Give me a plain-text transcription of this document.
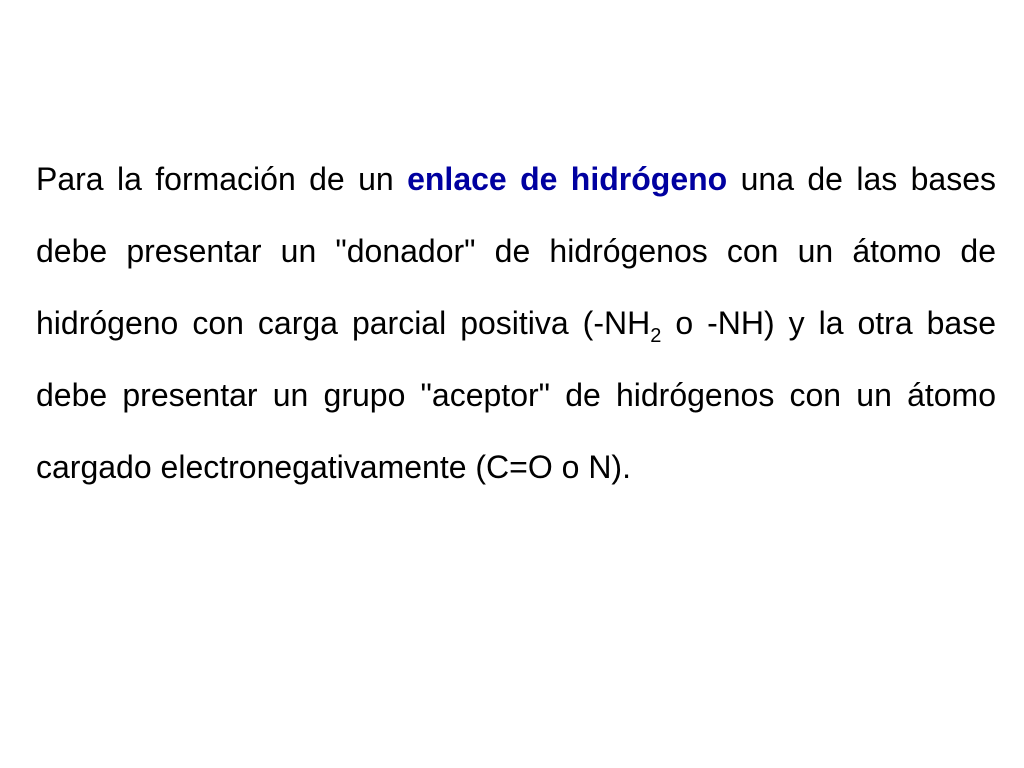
Para la formación de un enlace de hidrógeno una de las bases debe presentar un "donador" de hidrógenos con un átomo de hidrógeno con carga parcial positiva ($-NH_2$ o -NH) y la otra base debe presentar un grupo "aceptor" de hidrógenos con un átomo cargado electronegativamente (C=O o N).
